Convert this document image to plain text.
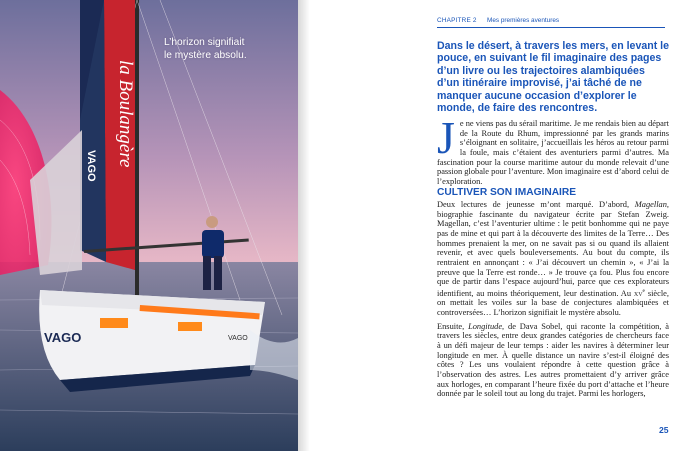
la Boulangère
VAGO
VAGO	VAGO

L’horizon signifiait
le mystère absolu.

CHAPITRE 2 Mes premières aventures

Dans le désert, à travers les mers, en levant le pouce, en suivant le fil imaginaire des pages d’un livre ou les trajectoires alambiquées d’un itinéraire improvisé, j’ai tâché de ne manquer aucune occasion d’explorer le monde, de faire des rencontres.

Je ne viens pas du sérail maritime. Je me rendais bien au départ de la Route du Rhum, impressionné par les grands marins s’éloignant en solitaire, j’accueillais les héros au retour parmi la foule, mais c’étaient des aventuriers parmi d’autres. Ma fascination pour la course maritime autour du monde relevait d’une passion globale pour l’aventure. Mon imaginaire est d’abord celui de l’exploration.

CULTIVER SON IMAGINAIRE

Deux lectures de jeunesse m’ont marqué. D’abord, Magellan, biographie fascinante du navigateur écrite par Stefan Zweig. Magellan, c’est l’aventurier ultime : le petit bonhomme qui ne paye pas de mine et qui part à la découverte des limites de la Terre… Des hommes prenaient la mer, on ne savait pas si ou quand ils allaient revenir, et avec quels bouleversements. Au bout du compte, ils rentraient en annonçant : « J’ai découvert un chemin », « J’ai la preuve que la Terre est ronde… » Je trouve ça fou. Plus fou encore que de partir dans l’espace aujourd’hui, parce que ces explorateurs identifient, au moins théoriquement, leur destination. Au $xv^e$ siècle, on mettait les voiles sur la base de conjectures alambiquées et controversées… L’horizon signifiait le mystère absolu.

Ensuite, Longitude, de Dava Sobel, qui raconte la compétition, à travers les siècles, entre deux grandes catégories de chercheurs face à un défi majeur de leur temps : aider les navires à déterminer leur longitude en mer. À quelle distance un navire s’est-il éloigné des côtes ? Les uns voulaient répondre à cette question grâce à l’observation des astres. Les autres promettaient d’y arriver grâce aux horloges, en comparant l’heure fixée du port d’attache et l’heure donnée par le soleil tout au long du trajet. Parmi les horlogers,

25
